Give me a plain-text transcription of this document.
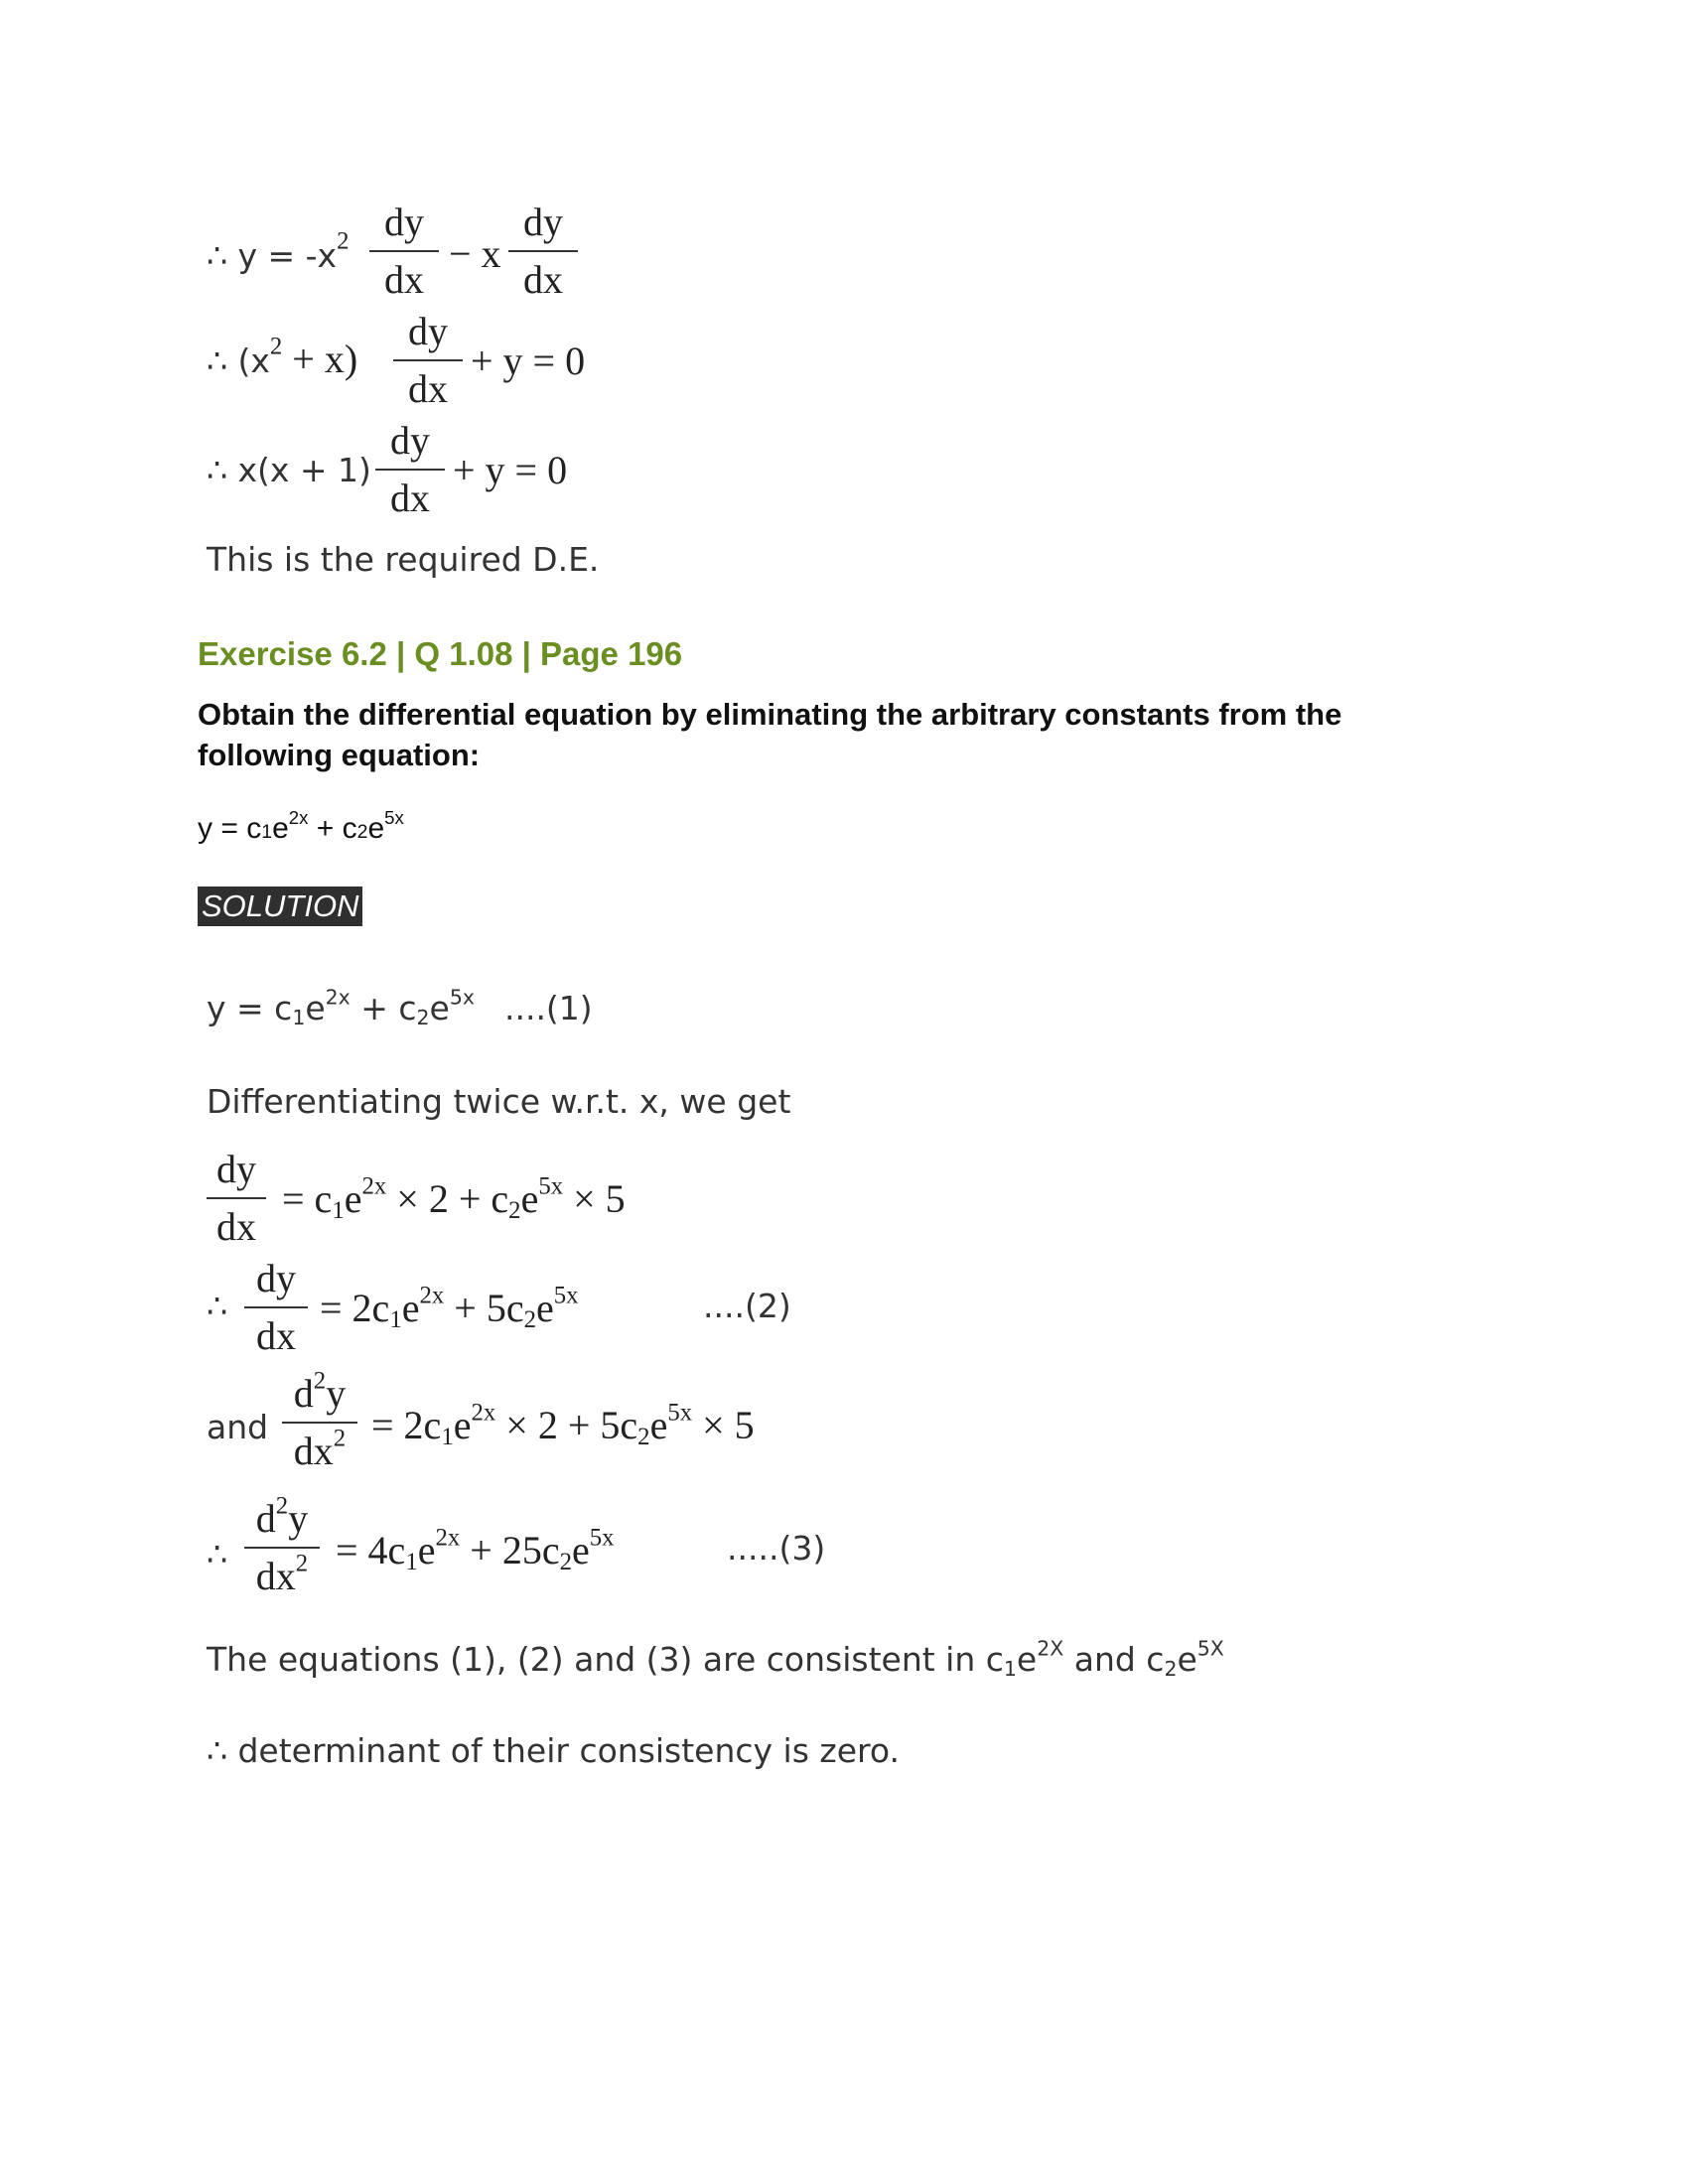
∴ $y = -x^2$ dy
dx
− x
dy
dx
∴ $(x^2 + x)$
dy
dx
+ y = 0
∴ x(x + 1)
dy
dx
+ y = 0
This is the required D.E.
Exercise 6.2 | Q 1.08 | Page 196
Obtain the differential equation by eliminating the arbitrary constants from the
following equation:
$y = c1e^{2x} + c2e^{5x}$
SOLUTION
$y = c_1e^{2x} + c_2e^{5x}$ ....(1)
Differentiating twice w.r.t. x, we get
dy
dx
= $c_1e^{2x} \times 2 + c_2e^{5x} \times 5$
∴
dy
dx
= $2c_1e^{2x} + 5c_2e^{5x}$	....(2)
and
$d^2y$
$dx^2 = 2c_1e^{2x} \times 2 + 5c_2e^{5x} \times 5$
∴
$d^2y$
$dx^2 = 4c_1e^{2x} + 25c_2e^{5x}$	.....(3)
The equations (1), (2) and (3) are consistent in $c_1e^{2X}$ and $c_2e^{5X}$
∴ determinant of their consistency is zero.
